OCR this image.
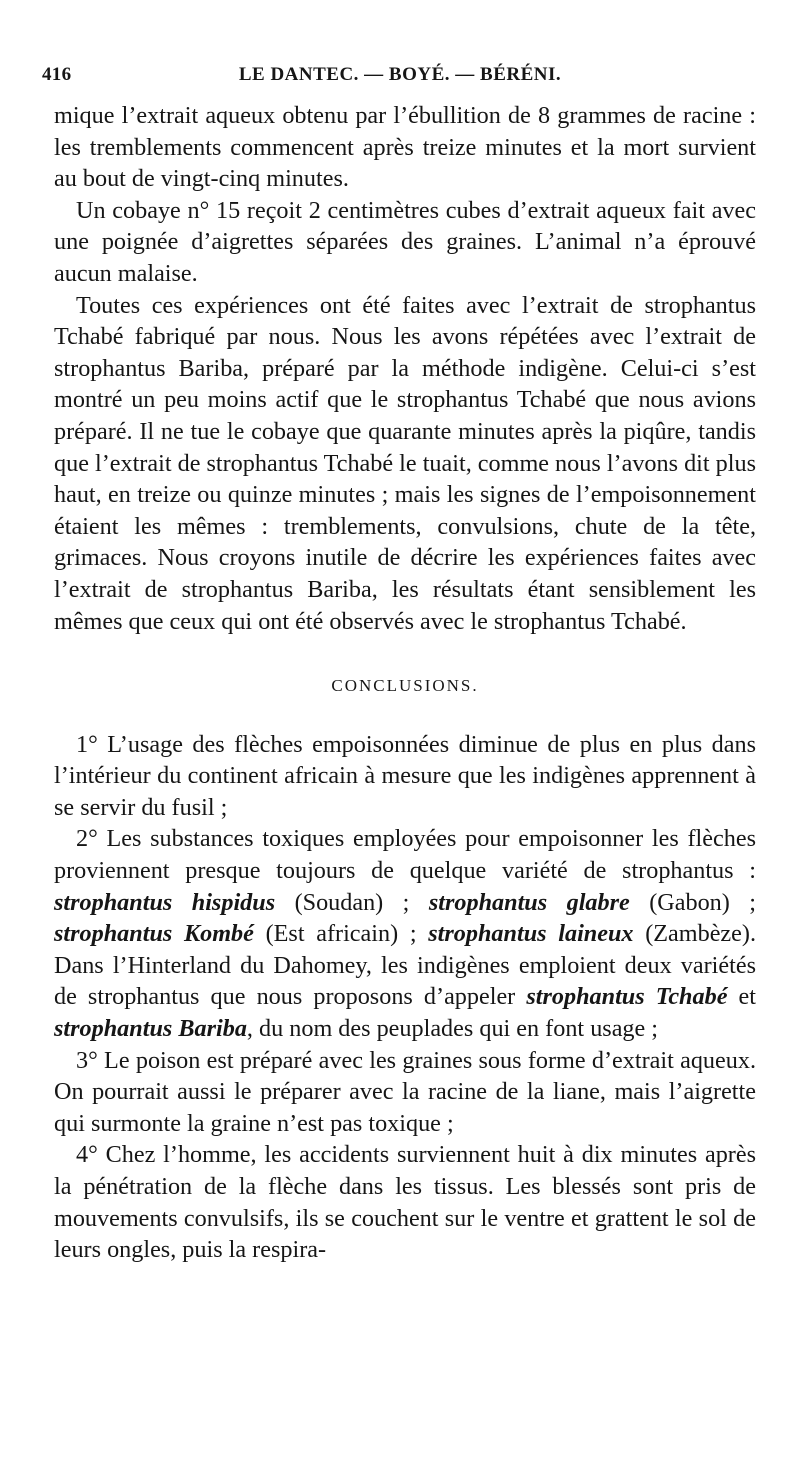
416	LE DANTEC. — BOYÉ. — BÉRÉNI.

mique l’extrait aqueux obtenu par l’ébullition de 8 grammes de racine : les tremblements commencent après treize minutes et la mort survient au bout de vingt-cinq minutes.

Un cobaye n° 15 reçoit 2 centimètres cubes d’extrait aqueux fait avec une poignée d’aigrettes séparées des graines. L’animal n’a éprouvé aucun malaise.

Toutes ces expériences ont été faites avec l’extrait de strophantus Tchabé fabriqué par nous. Nous les avons répétées avec l’extrait de strophantus Bariba, préparé par la méthode indigène. Celui-ci s’est montré un peu moins actif que le strophantus Tchabé que nous avions préparé. Il ne tue le cobaye que quarante minutes après la piqûre, tandis que l’extrait de strophantus Tchabé le tuait, comme nous l’avons dit plus haut, en treize ou quinze minutes ; mais les signes de l’empoisonnement étaient les mêmes : tremblements, convulsions, chute de la tête, grimaces. Nous croyons inutile de décrire les expériences faites avec l’extrait de strophantus Bariba, les résultats étant sensiblement les mêmes que ceux qui ont été observés avec le strophantus Tchabé.

CONCLUSIONS.

1° L’usage des flèches empoisonnées diminue de plus en plus dans l’intérieur du continent africain à mesure que les indigènes apprennent à se servir du fusil ;

2° Les substances toxiques employées pour empoisonner les flèches proviennent presque toujours de quelque variété de strophantus : strophantus hispidus (Soudan) ; strophantus glabre (Gabon) ; strophantus Kombé (Est africain) ; strophantus laineux (Zambèze). Dans l’Hinterland du Dahomey, les indigènes emploient deux variétés de strophantus que nous proposons d’appeler strophantus Tchabé et strophantus Bariba, du nom des peuplades qui en font usage ;

3° Le poison est préparé avec les graines sous forme d’extrait aqueux. On pourrait aussi le préparer avec la racine de la liane, mais l’aigrette qui surmonte la graine n’est pas toxique ;

4° Chez l’homme, les accidents surviennent huit à dix minutes après la pénétration de la flèche dans les tissus. Les blessés sont pris de mouvements convulsifs, ils se couchent sur le ventre et grattent le sol de leurs ongles, puis la respira-
